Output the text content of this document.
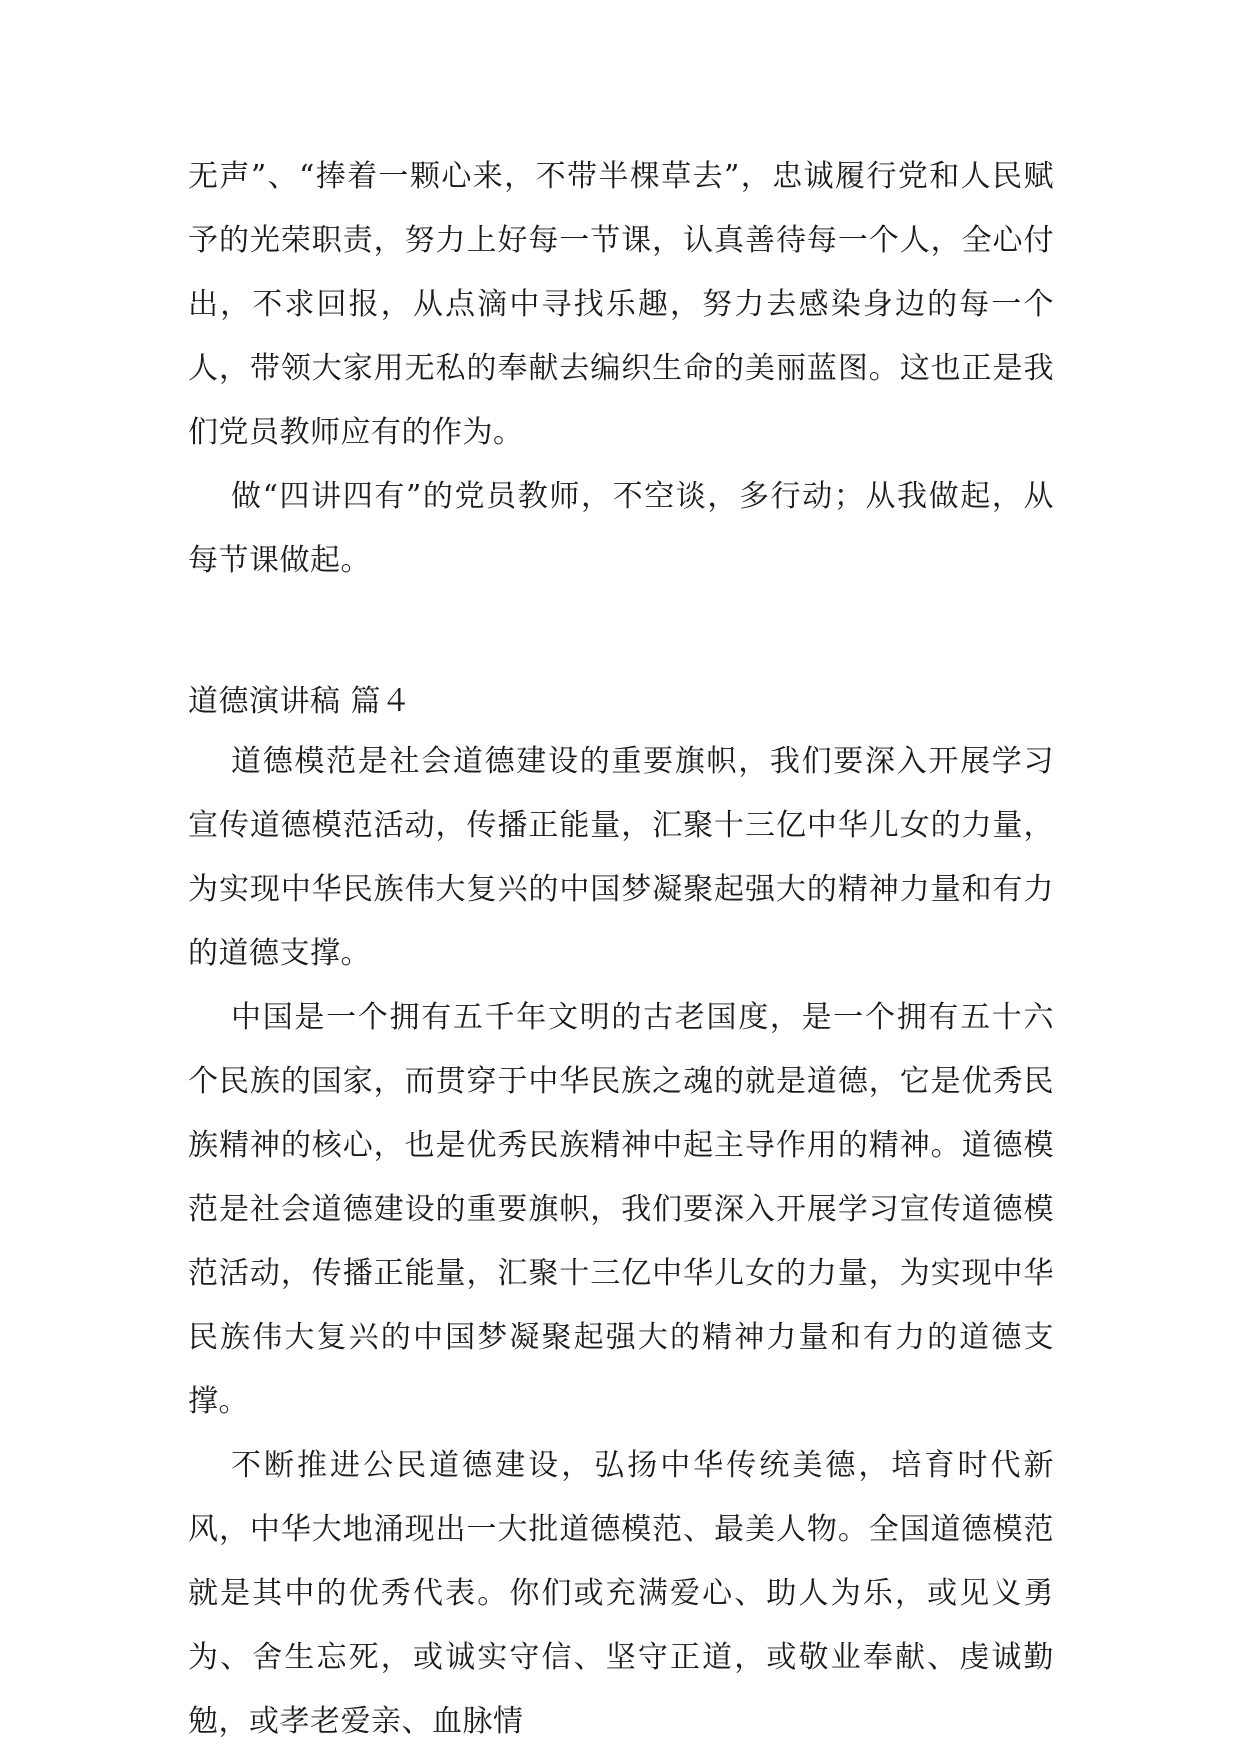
无声”、“捧着一颗心来，不带半棵草去”，忠诚履行党和人民赋予的光荣职责，努力上好每一节课，认真善待每一个人，全心付出，不求回报，从点滴中寻找乐趣，努力去感染身边的每一个人，带领大家用无私的奉献去编织生命的美丽蓝图。这也正是我们党员教师应有的作为。

做“四讲四有”的党员教师，不空谈，多行动；从我做起，从每节课做起。

道德演讲稿 篇４

道德模范是社会道德建设的重要旗帜，我们要深入开展学习宣传道德模范活动，传播正能量，汇聚十三亿中华儿女的力量，为实现中华民族伟大复兴的中国梦凝聚起强大的精神力量和有力的道德支撑。

中国是一个拥有五千年文明的古老国度，是一个拥有五十六个民族的国家，而贯穿于中华民族之魂的就是道德，它是优秀民族精神的核心，也是优秀民族精神中起主导作用的精神。道德模范是社会道德建设的重要旗帜，我们要深入开展学习宣传道德模范活动，传播正能量，汇聚十三亿中华儿女的力量，为实现中华民族伟大复兴的中国梦凝聚起强大的精神力量和有力的道德支撑。

不断推进公民道德建设，弘扬中华传统美德，培育时代新风，中华大地涌现出一大批道德模范、最美人物。全国道德模范就是其中的优秀代表。你们或充满爱心、助人为乐，或见义勇为、舍生忘死，或诚实守信、坚守正道，或敬业奉献、虔诚勤勉，或孝老爱亲、血脉情
